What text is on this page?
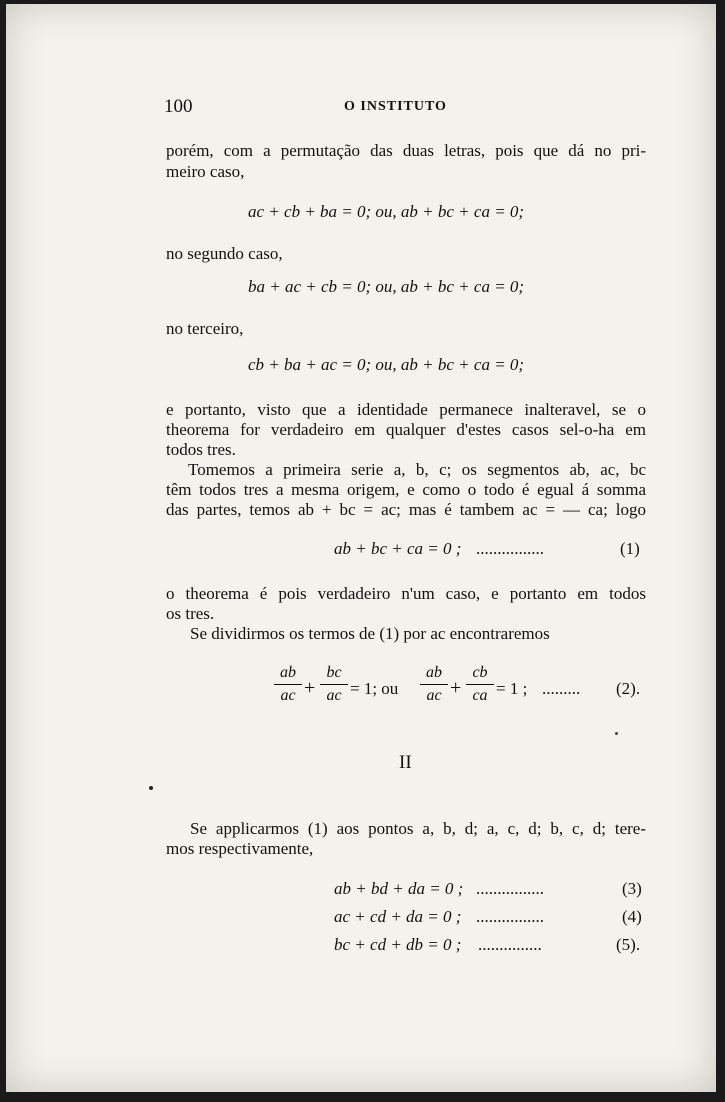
100	O INSTITUTO
porém, com a permutação das duas letras, pois que dá no pri-
meiro caso,
ac + cb + ba = 0; ou, ab + bc + ca = 0;
no segundo caso,
ba + ac + cb = 0; ou, ab + bc + ca = 0;
no terceiro,
cb + ba + ac = 0; ou, ab + bc + ca = 0;
e portanto, visto que a identidade permanece inalteravel, se o
theorema for verdadeiro em qualquer d'estes casos sel-o-ha em
todos tres.
Tomemos a primeira serie a, b, c; os segmentos ab, ac, bc
têm todos tres a mesma origem, e como o todo é egual á somma
das partes, temos ab + bc = ac; mas é tambem ac = — ca; logo
ab + bc + ca = 0 ; ................	(1)
o theorema é pois verdadeiro n'um caso, e portanto em todos
os tres.
Se dividirmos os termos de (1) por ac encontraremos
ab
ac +
bc
ac = 1; ou
ab
ac +
cb
ca = 1 ; ......... (2).
II
Se applicarmos (1) aos pontos a, b, d; a, c, d; b, c, d; tere-
mos respectivamente,
ab + bd + da = 0 ; ................	(3)
ac + cd + da = 0 ; ................	(4)
bc + cd + db = 0 ; ...............	(5).
